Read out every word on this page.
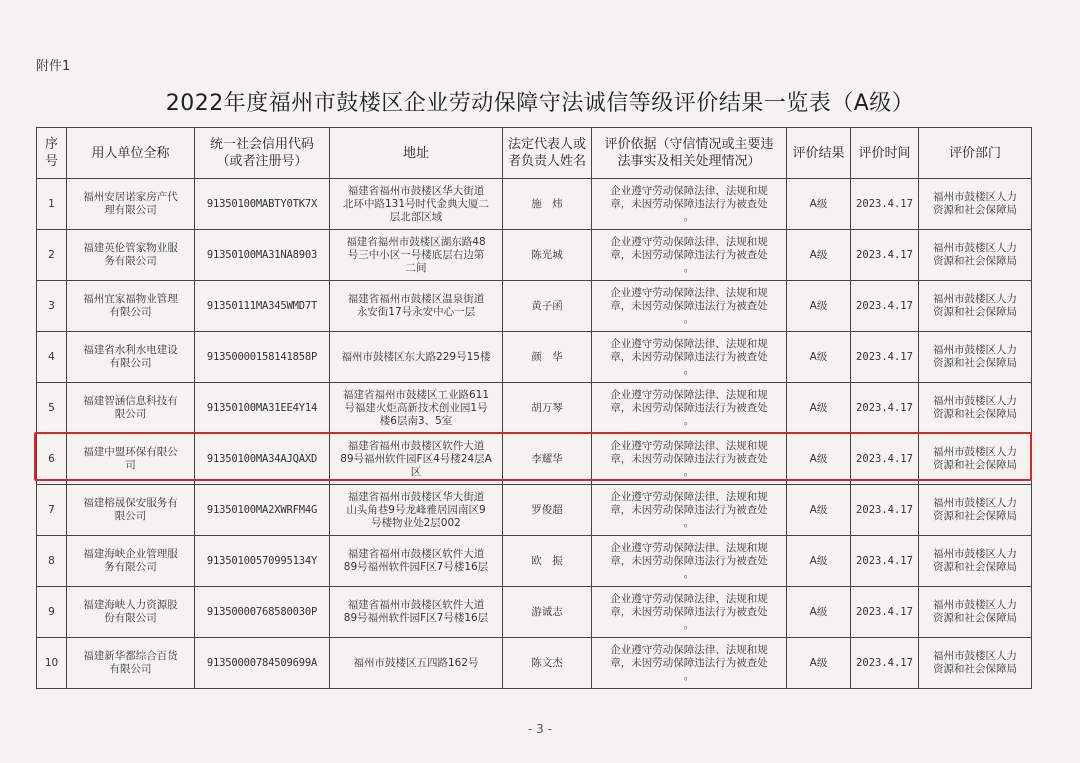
附件1
2022年度福州市鼓楼区企业劳动保障守法诚信等级评价结果一览表（A级）
序号	用人单位全称	统一社会信用代码
（或者注册号）	地址	法定代表人或
者负责人姓名	评价依据（守信情况或主要违
法事实及相关处理情况）	评价结果	评价时间	评价部门
1	福州安居诺家房产代
理有限公司	91350100MABTY0TK7X	福建省福州市鼓楼区华大街道
北环中路131号时代金典大厦二
层北部区域	施　炜	企业遵守劳动保障法律、法规和规
章，未因劳动保障违法行为被查处
。	A级	2023.4.17	福州市鼓楼区人力
资源和社会保障局
2	福建英伦管家物业服
务有限公司	91350100MA31NA8903	福建省福州市鼓楼区湖东路48
号三中小区一号楼底层右边第
二间	陈光城	企业遵守劳动保障法律、法规和规
章，未因劳动保障违法行为被查处
。	A级	2023.4.17	福州市鼓楼区人力
资源和社会保障局
3	福州宜家福物业管理
有限公司	91350111MA345WMD7T	福建省福州市鼓楼区温泉街道
永安街17号永安中心一层	黄子函	企业遵守劳动保障法律、法规和规
章，未因劳动保障违法行为被查处
。	A级	2023.4.17	福州市鼓楼区人力
资源和社会保障局
4	福建省水利水电建设
有限公司	91350000158141858P	福州市鼓楼区东大路229号15楼	颜　华	企业遵守劳动保障法律、法规和规
章，未因劳动保障违法行为被查处
。	A级	2023.4.17	福州市鼓楼区人力
资源和社会保障局
5	福建智涵信息科技有
限公司	91350100MA31EE4Y14	福建省福州市鼓楼区工业路611
号福建火炬高新技术创业园1号
楼6层南3、5室	胡万琴	企业遵守劳动保障法律、法规和规
章，未因劳动保障违法行为被查处
。	A级	2023.4.17	福州市鼓楼区人力
资源和社会保障局
6	福建中盟环保有限公
司	91350100MA34AJQAXD	福建省福州市鼓楼区软件大道
89号福州软件园F区4号楼24层A
区	李耀华	企业遵守劳动保障法律、法规和规
章，未因劳动保障违法行为被查处
。	A级	2023.4.17	福州市鼓楼区人力
资源和社会保障局
7	福建榕晟保安服务有
限公司	91350100MA2XWRFM4G	福建省福州市鼓楼区华大街道
山头角巷9号龙峰雅居园南区9
号楼物业处2层002	罗俊超	企业遵守劳动保障法律、法规和规
章，未因劳动保障违法行为被查处
。	A级	2023.4.17	福州市鼓楼区人力
资源和社会保障局
8	福建海峡企业管理服
务有限公司	91350100570995134Y	福建省福州市鼓楼区软件大道
89号福州软件园F区7号楼16层	欧　振	企业遵守劳动保障法律、法规和规
章，未因劳动保障违法行为被查处
。	A级	2023.4.17	福州市鼓楼区人力
资源和社会保障局
9	福建海峡人力资源股
份有限公司	91350000768580030P	福建省福州市鼓楼区软件大道
89号福州软件园F区7号楼16层	游诚志	企业遵守劳动保障法律、法规和规
章，未因劳动保障违法行为被查处
。	A级	2023.4.17	福州市鼓楼区人力
资源和社会保障局
10	福建新华都综合百货
有限公司	91350000784509699A	福州市鼓楼区五四路162号	陈文杰	企业遵守劳动保障法律、法规和规
章，未因劳动保障违法行为被查处
。	A级	2023.4.17	福州市鼓楼区人力
资源和社会保障局
- 3 -
